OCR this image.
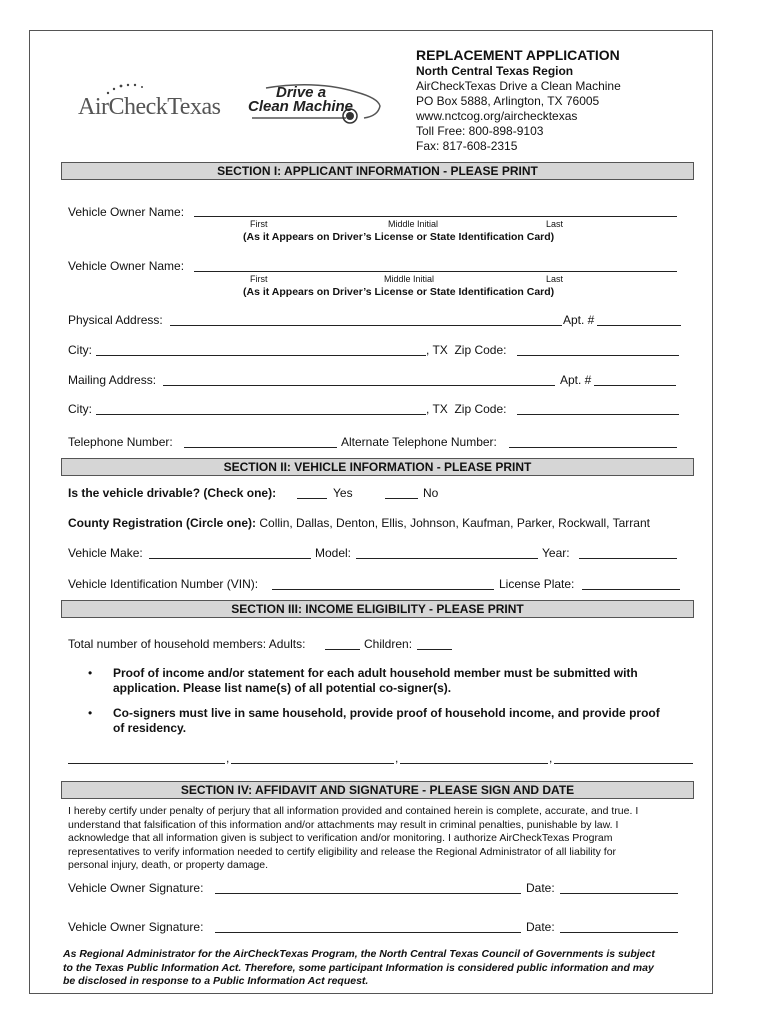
AirCheckTexas
Drive a
Clean Machine
REPLACEMENT APPLICATION
North Central Texas Region
AirCheckTexas Drive a Clean Machine
PO Box 5888, Arlington, TX 76005
www.nctcog.org/airchecktexas
Toll Free: 800-898-9103
Fax: 817-608-2315
SECTION I: APPLICANT INFORMATION - PLEASE PRINT
Vehicle Owner Name:
First	Middle Initial	Last
(As it Appears on Driver’s License or State Identification Card)
Vehicle Owner Name:
First	Middle Initial	Last
(As it Appears on Driver’s License or State Identification Card)
Physical Address:	Apt. #
City:	, TX  Zip Code:
Mailing Address:	Apt. #
City:	, TX  Zip Code:
Telephone Number:	Alternate Telephone Number:
SECTION II: VEHICLE INFORMATION - PLEASE PRINT
Is the vehicle drivable? (Check one):	Yes	No
County Registration (Circle one): Collin, Dallas, Denton, Ellis, Johnson, Kaufman, Parker, Rockwall, Tarrant
Vehicle Make:	Model:	Year:
Vehicle Identification Number (VIN):	License Plate:
SECTION III: INCOME ELIGIBILITY - PLEASE PRINT
Total number of household members: Adults:	Children:
• Proof of income and/or statement for each adult household member must be submitted with
application. Please list name(s) of all potential co-signer(s).
• Co-signers must live in same household, provide proof of household income, and provide proof
of residency.
,	,	,
SECTION IV: AFFIDAVIT AND SIGNATURE - PLEASE SIGN AND DATE
I hereby certify under penalty of perjury that all information provided and contained herein is complete, accurate, and true. I
understand that falsification of this information and/or attachments may result in criminal penalties, punishable by law. I
acknowledge that all information given is subject to verification and/or monitoring. I authorize AirCheckTexas Program
representatives to verify information needed to certify eligibility and release the Regional Administrator of all liability for
personal injury, death, or property damage.
Vehicle Owner Signature:	Date:
Vehicle Owner Signature:	Date:
As Regional Administrator for the AirCheckTexas Program, the North Central Texas Council of Governments is subject
to the Texas Public Information Act. Therefore, some participant Information is considered public information and may
be disclosed in response to a Public Information Act request.
